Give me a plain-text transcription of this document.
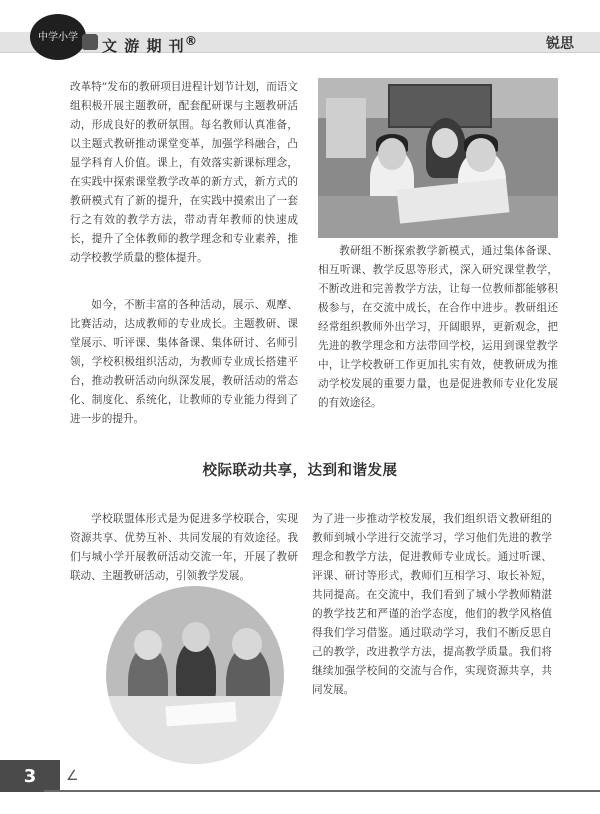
中学小学 文 游 期 刊®	锐思

改革特”发布的教研项目进程计划节计划，而语文组积极开展主题教研，配套配研课与主题教研活动，形成良好的教研氛围。每名教师认真准备，以主题式教研推动课堂变革，加强学科融合，凸显学科育人价值。课上，有效落实新课标理念，在实践中探索课堂教学改革的新方式，新方式的教研模式有了新的提升，在实践中摸索出了一套行之有效的教学方法，带动青年教师的快速成长，提升了全体教师的教学理念和专业素养，推动学校教学质量的整体提升。

如今，不断丰富的各种活动，展示、观摩、比赛活动，达成教师的专业成长。主题教研、课堂展示、听评课、集体备课、集体研讨、名师引领，学校积极组织活动，为教师专业成长搭建平台，推动教研活动向纵深发展，教研活动的常态化、制度化、系统化，让教师的专业能力得到了进一步的提升。

教研组不断探索教学新模式，通过集体备课、相互听课、教学反思等形式，深入研究课堂教学，不断改进和完善教学方法，让每一位教师都能够积极参与，在交流中成长，在合作中进步。教研组还经常组织教师外出学习，开阔眼界，更新观念，把先进的教学理念和方法带回学校，运用到课堂教学中，让学校教研工作更加扎实有效，使教研成为推动学校发展的重要力量，也是促进教师专业化发展的有效途径。

校际联动共享，达到和谐发展

学校联盟体形式是为促进多学校联合，实现资源共享、优势互补、共同发展的有效途径。我们与城小学开展教研活动交流一年，开展了教研联动、主题教研活动，引领教学发展。

为了进一步推动学校发展，我们组织语文教研组的教师到城小学进行交流学习，学习他们先进的教学理念和教学方法，促进教师专业成长。通过听课、评课、研讨等形式，教师们互相学习、取长补短，共同提高。在交流中，我们看到了城小学教师精湛的教学技艺和严谨的治学态度，他们的教学风格值得我们学习借鉴。通过联动学习，我们不断反思自己的教学，改进教学方法，提高教学质量。我们将继续加强学校间的交流与合作，实现资源共享，共同发展。

3	∠
